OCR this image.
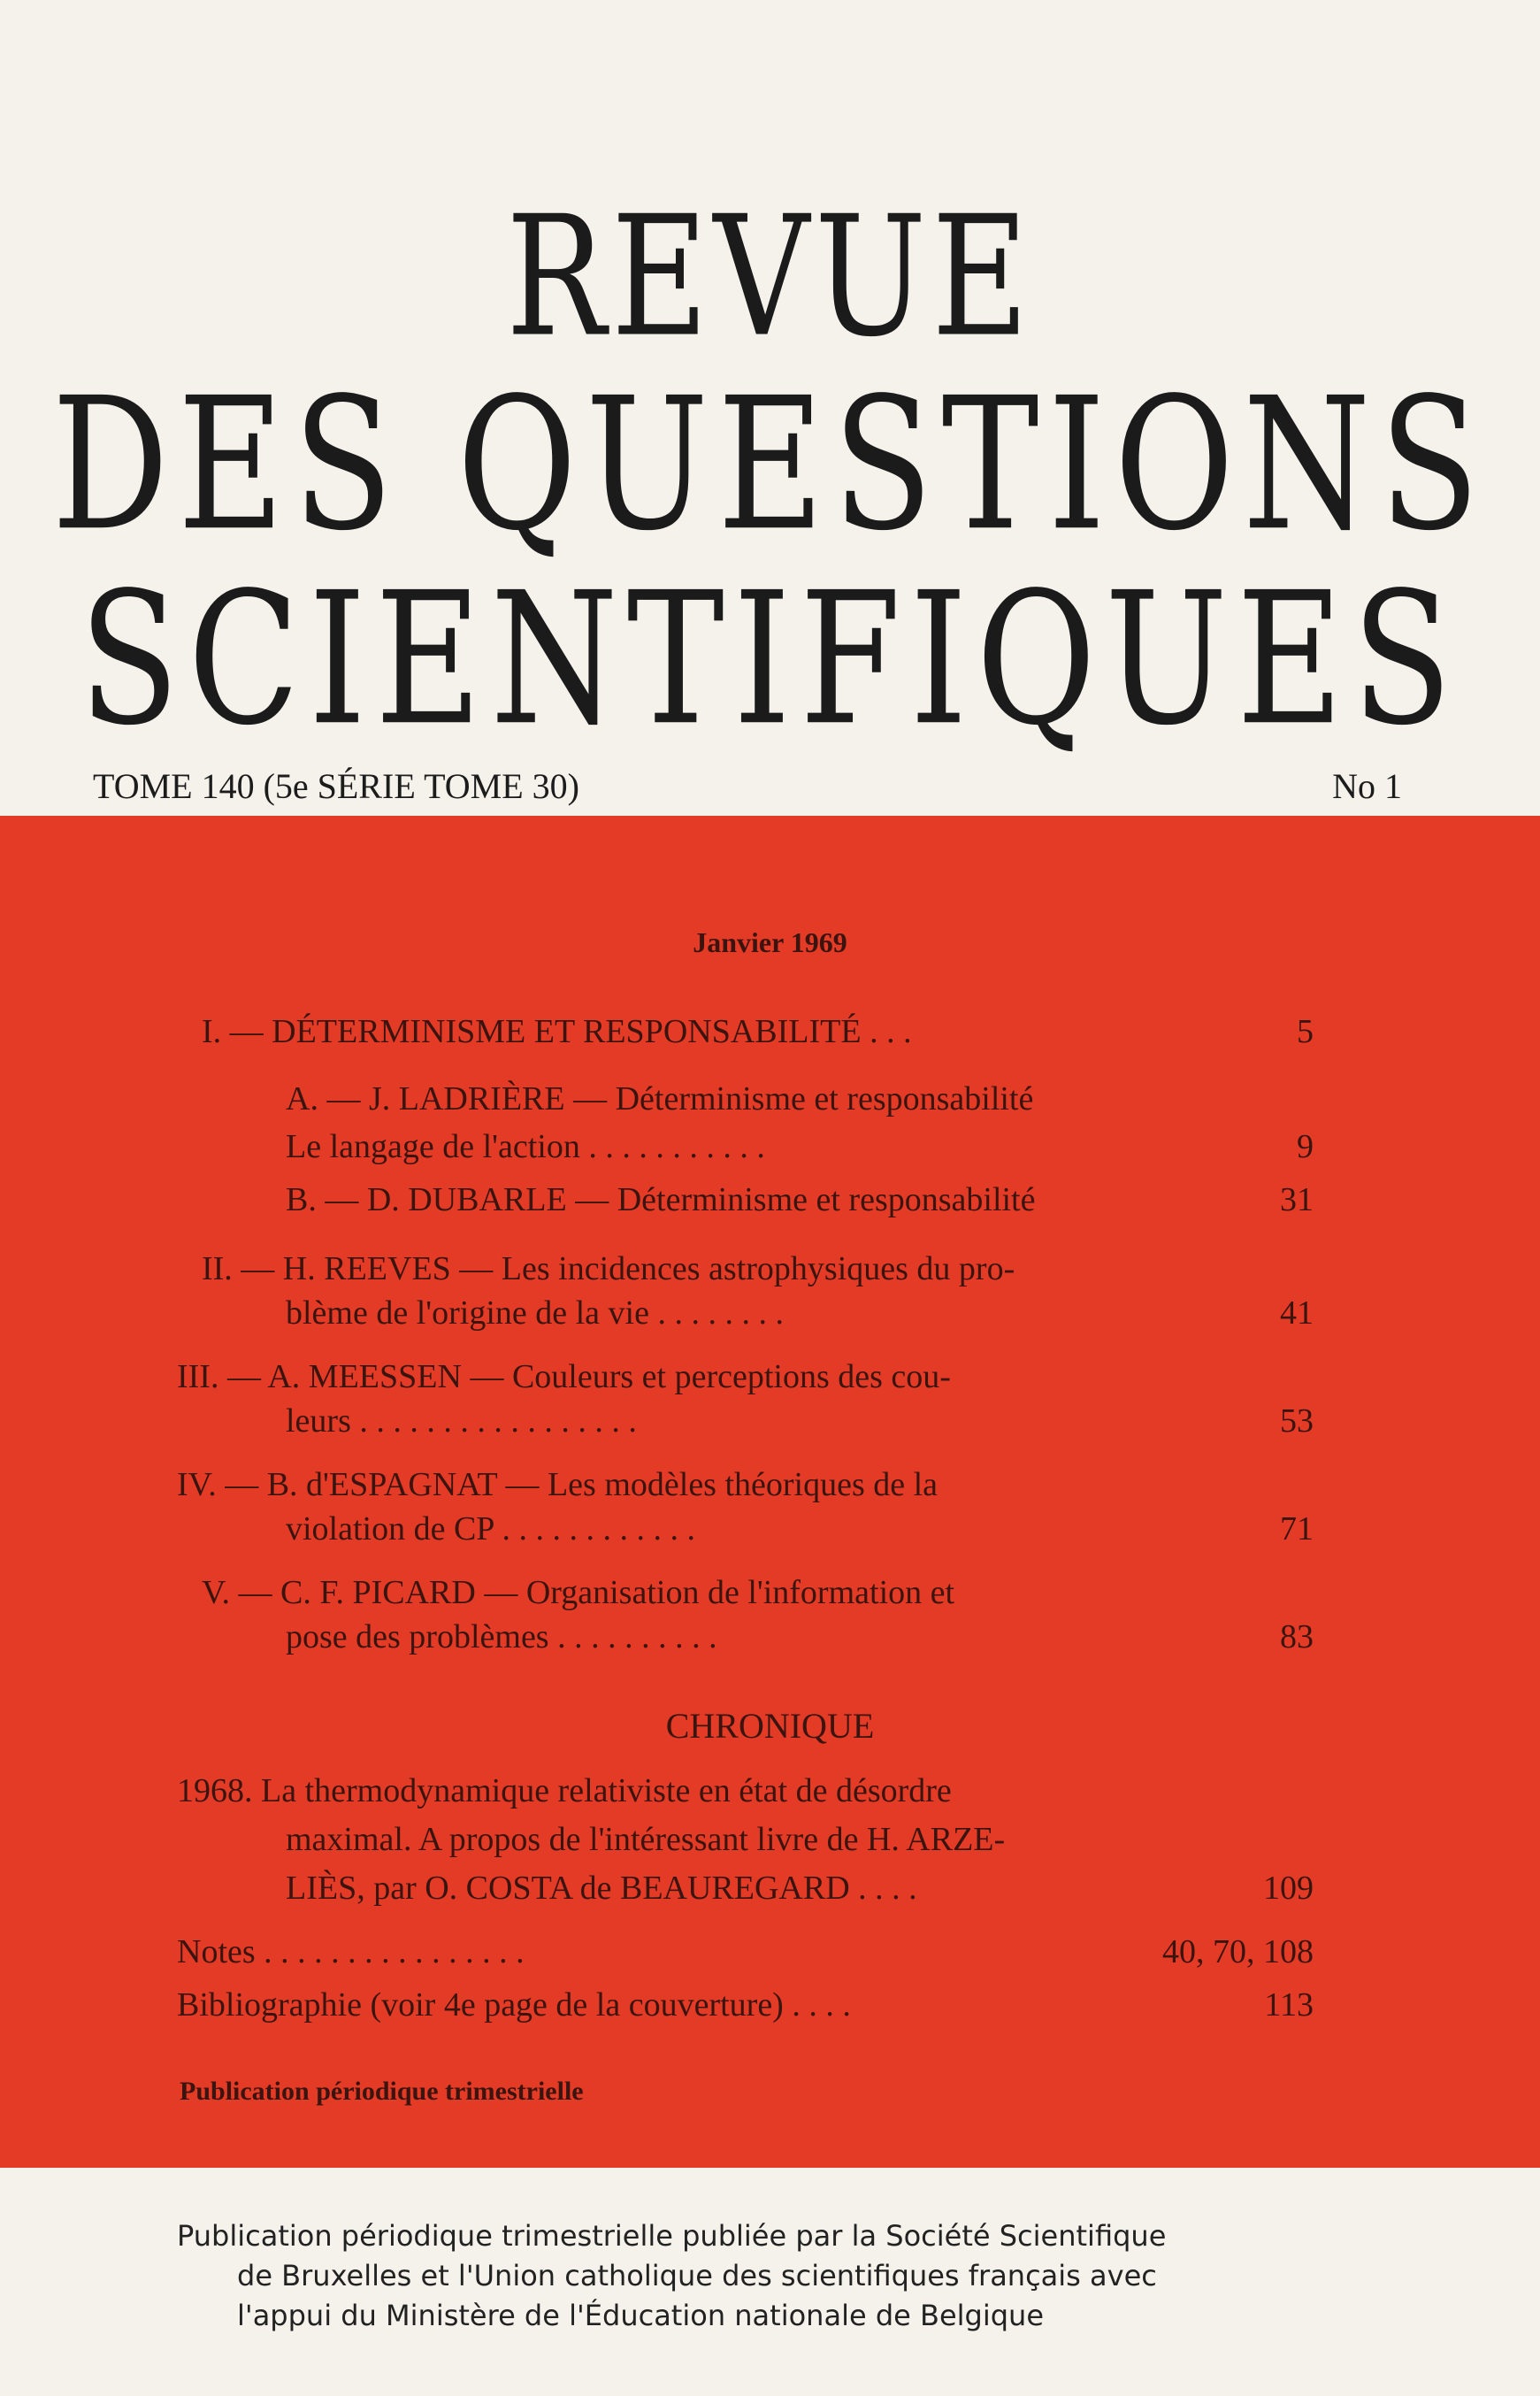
REVUE
DES QUESTIONS
SCIENTIFIQUES
TOME 140 (5e SÉRIE TOME 30)	No 1
Janvier 1969
I. — DÉTERMINISME ET RESPONSABILITÉ . . .	5
A. — J. LADRIÈRE — Déterminisme et responsabilité
Le langage de l'action . . . . . . . . . . .	9
B. — D. DUBARLE — Déterminisme et responsabilité	31
II. — H. REEVES — Les incidences astrophysiques du pro-
blème de l'origine de la vie . . . . . . . .	41
III. — A. MEESSEN — Couleurs et perceptions des cou-
leurs . . . . . . . . . . . . . . . . .	53
IV. — B. d'ESPAGNAT — Les modèles théoriques de la
violation de CP . . . . . . . . . . . .	71
V. — C. F. PICARD — Organisation de l'information et
pose des problèmes . . . . . . . . . .	83
CHRONIQUE
1968. La thermodynamique relativiste en état de désordre
maximal. A propos de l'intéressant livre de H. ARZE-
LIÈS, par O. COSTA de BEAUREGARD . . . .	109
Notes . . . . . . . . . . . . . . . .	40, 70, 108
Bibliographie (voir 4e page de la couverture) . . . .	113
Publication périodique trimestrielle
Publication périodique trimestrielle publiée par la Société Scientifique
de Bruxelles et l'Union catholique des scientifiques français avec
l'appui du Ministère de l'Éducation nationale de Belgique
